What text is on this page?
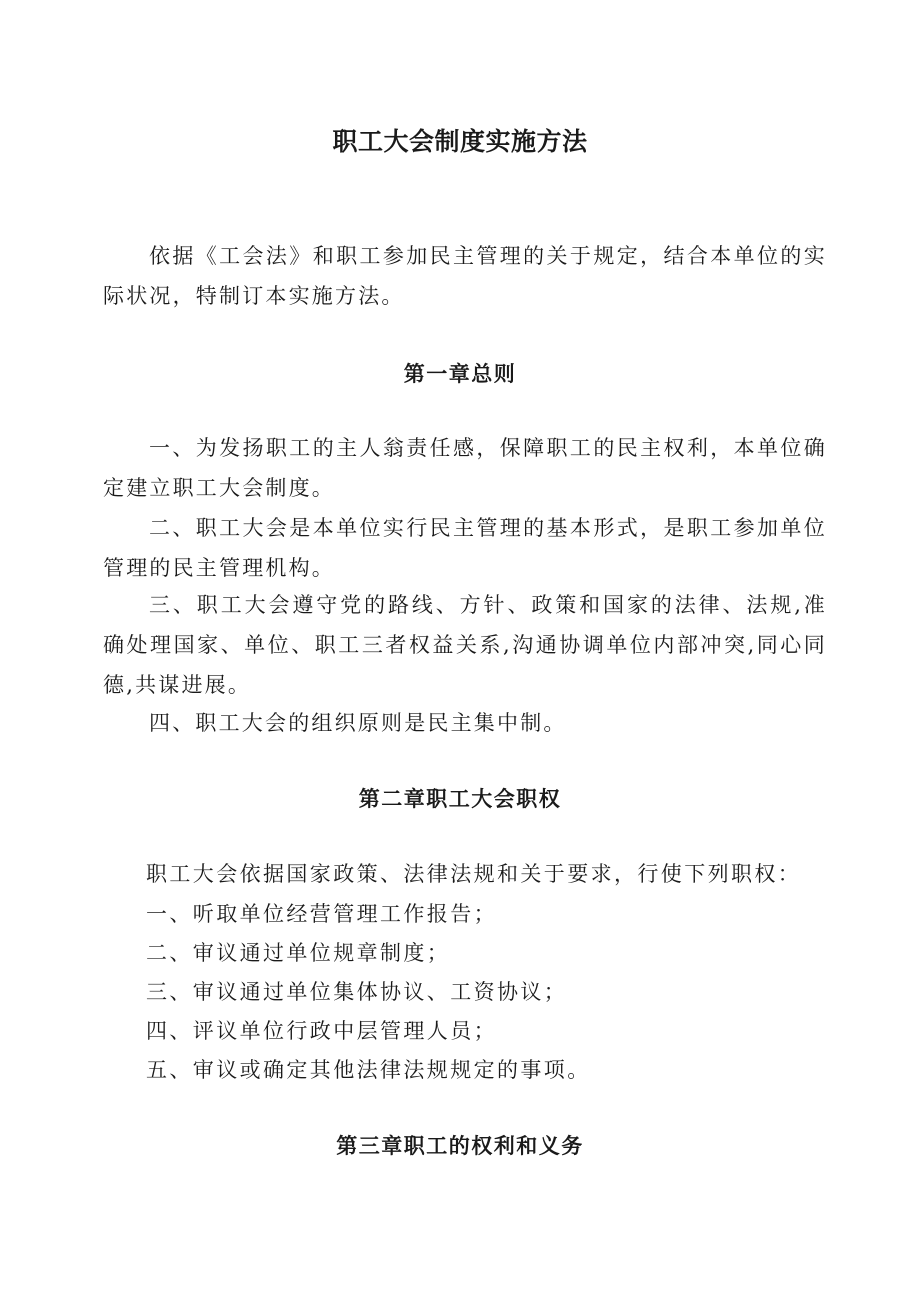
职工大会制度实施方法

依据《工会法》和职工参加民主管理的关于规定，结合本单位的实际状况，特制订本实施方法。

第一章总则

一、为发扬职工的主人翁责任感，保障职工的民主权利，本单位确定建立职工大会制度。

二、职工大会是本单位实行民主管理的基本形式，是职工参加单位管理的民主管理机构。

三、职工大会遵守党的路线、方针、政策和国家的法律、法规,准确处理国家、单位、职工三者权益关系,沟通协调单位内部冲突,同心同德,共谋进展。

四、职工大会的组织原则是民主集中制。

第二章职工大会职权

职工大会依据国家政策、法律法规和关于要求，行使下列职权：

一、听取单位经营管理工作报告；

二、审议通过单位规章制度；

三、审议通过单位集体协议、工资协议；

四、评议单位行政中层管理人员；

五、审议或确定其他法律法规规定的事项。

第三章职工的权利和义务
